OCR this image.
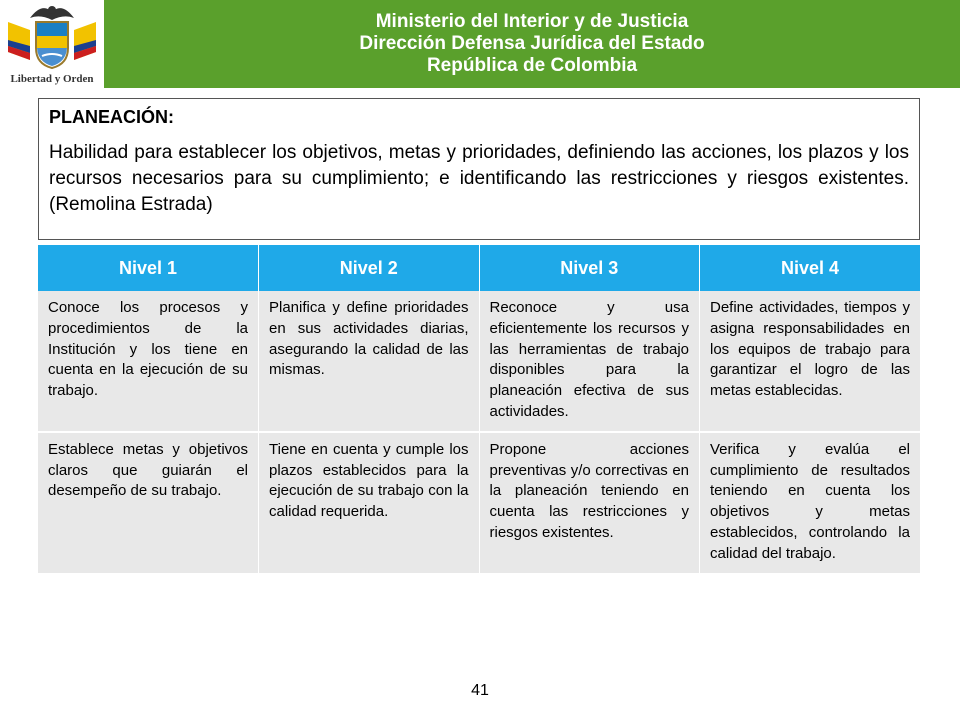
Libertad y Orden
Ministerio del Interior y de Justicia
Dirección Defensa Jurídica del Estado
República de Colombia
PLANEACIÓN:
Habilidad para establecer los objetivos, metas y prioridades, definiendo las acciones, los plazos y los recursos necesarios para su cumplimiento; e identificando las restricciones y riesgos existentes. (Remolina Estrada)
Nivel 1	Nivel 2	Nivel 3	Nivel 4
Conoce los procesos y procedimientos de la Institución y los tiene en cuenta en la ejecución de su trabajo.	Planifica y define prioridades en sus actividades diarias, asegurando la calidad de las mismas.	Reconoce y usa eficientemente los recursos y las herramientas de trabajo disponibles para la planeación efectiva de sus actividades.	Define actividades, tiempos y asigna responsabilidades en los equipos de trabajo para garantizar el logro de las metas establecidas.
Establece metas y objetivos claros que guiarán el desempeño de su trabajo.	Tiene en cuenta y cumple los plazos establecidos para la ejecución de su trabajo con la calidad requerida.	Propone acciones preventivas y/o correctivas en la planeación teniendo en cuenta las restricciones y riesgos existentes.	Verifica y evalúa el cumplimiento de resultados teniendo en cuenta los objetivos y metas establecidos, controlando la calidad del trabajo.
41
